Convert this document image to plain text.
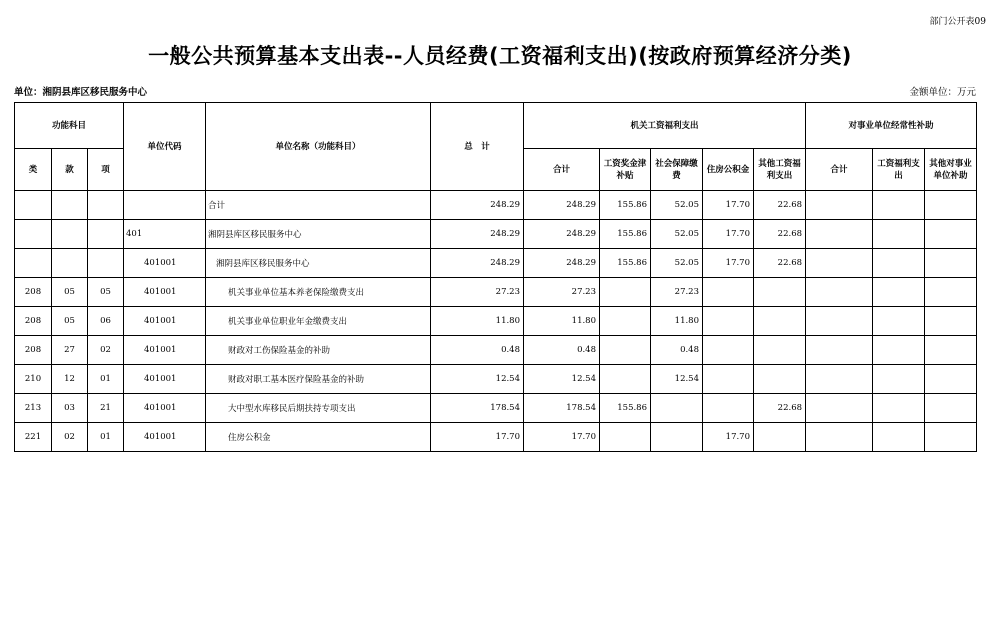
部门公开表09
一般公共预算基本支出表--人员经费(工资福利支出)(按政府预算经济分类)
单位：湘阴县库区移民服务中心	金额单位：万元
功能科目			单位代码	单位名称（功能科目）	总　计	机关工资福利支出					对事业单位经常性补助		
类	款	项				合计	工资奖金津补贴	社会保障缴费	住房公积金	其他工资福利支出	合计	工资福利支出	其他对事业单位补助
				合计	248.29	248.29	155.86	52.05	17.70	22.68			
			401	湘阴县库区移民服务中心	248.29	248.29	155.86	52.05	17.70	22.68			
			401001	湘阴县库区移民服务中心	248.29	248.29	155.86	52.05	17.70	22.68			
208	05	05	401001	机关事业单位基本养老保险缴费支出	27.23	27.23		27.23					
208	05	06	401001	机关事业单位职业年金缴费支出	11.80	11.80		11.80					
208	27	02	401001	财政对工伤保险基金的补助	0.48	0.48		0.48					
210	12	01	401001	财政对职工基本医疗保险基金的补助	12.54	12.54		12.54					
213	03	21	401001	大中型水库移民后期扶持专项支出	178.54	178.54	155.86			22.68			
221	02	01	401001	住房公积金	17.70	17.70			17.70				
